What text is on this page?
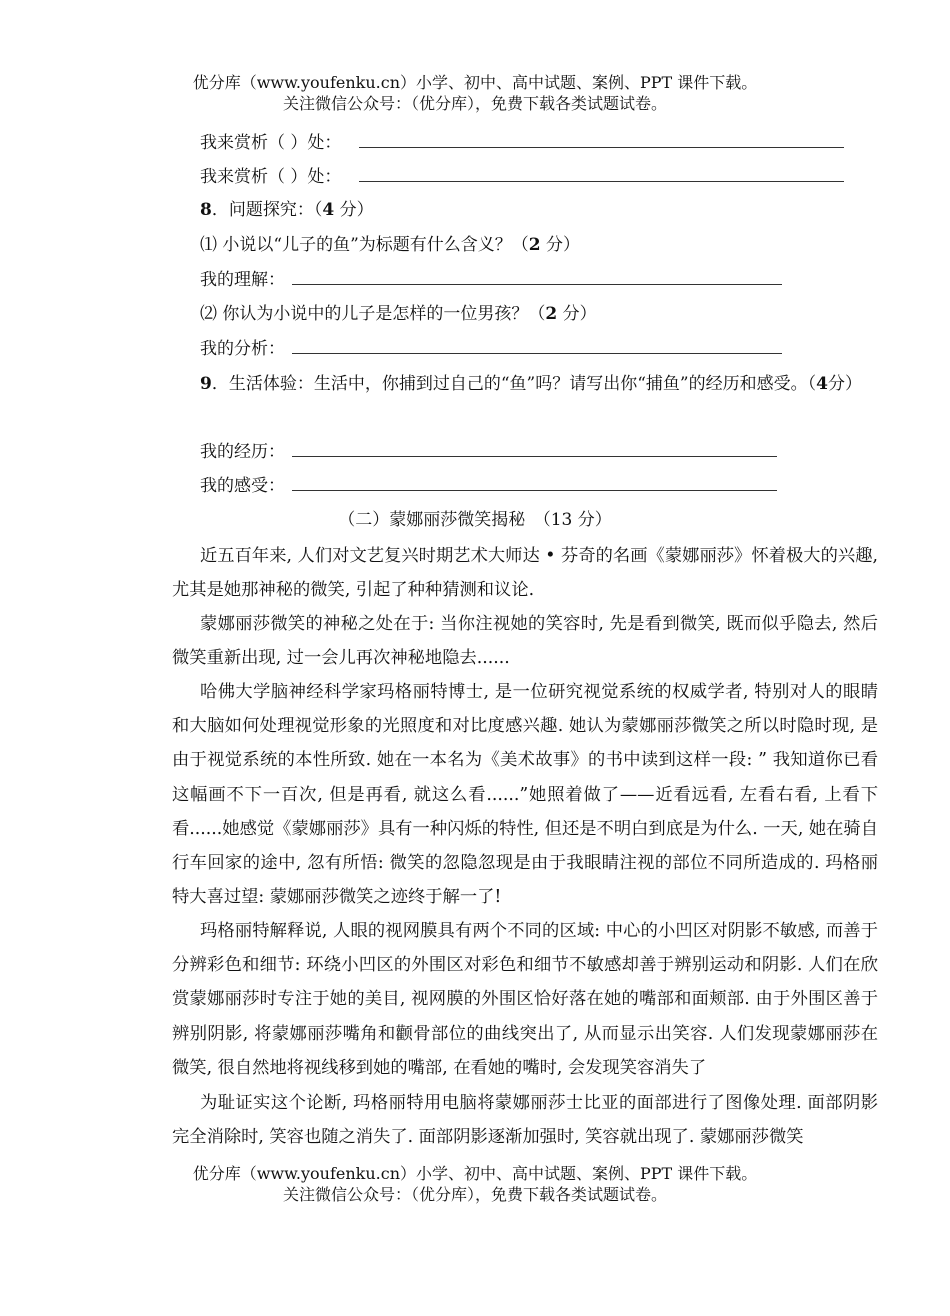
优分库（www.youfenku.cn）小学、初中、高中试题、案例、PPT 课件下载。
关注微信公众号：（优分库），免费下载各类试题试卷。
我来赏析（ ）处：
我来赏析（ ）处：
8．问题探究：（4 分）
⑴ 小说以“儿子的鱼”为标题有什么含义？（2 分）
我的理解：
⑵ 你认为小说中的儿子是怎样的一位男孩？（2 分）
我的分析：
9．生活体验：生活中，你捕到过自己的“鱼”吗？请写出你“捕鱼”的经历和感受。（4分）
我的经历：
我的感受：
（二）蒙娜丽莎微笑揭秘　（13 分）
近五百年来, 人们对文艺复兴时期艺术大师达 • 芬奇的名画《蒙娜丽莎》怀着极大的兴趣, 尤其是她那神秘的微笑, 引起了种种猜测和议论.
蒙娜丽莎微笑的神秘之处在于: 当你注视她的笑容时, 先是看到微笑, 既而似乎隐去, 然后微笑重新出现, 过一会儿再次神秘地隐去......
哈佛大学脑神经科学家玛格丽特博士, 是一位研究视觉系统的权威学者, 特别对人的眼睛和大脑如何处理视觉形象的光照度和对比度感兴趣. 她认为蒙娜丽莎微笑之所以时隐时现, 是由于视觉系统的本性所致. 她在一本名为《美术故事》的书中读到这样一段: ” 我知道你已看这幅画不下一百次, 但是再看, 就这么看......”她照着做了——近看远看, 左看右看, 上看下看......她感觉《蒙娜丽莎》具有一种闪烁的特性, 但还是不明白到底是为什么. 一天, 她在骑自行车回家的途中, 忽有所悟: 微笑的忽隐忽现是由于我眼睛注视的部位不同所造成的. 玛格丽特大喜过望: 蒙娜丽莎微笑之迹终于解一了!
玛格丽特解释说, 人眼的视网膜具有两个不同的区域: 中心的小凹区对阴影不敏感, 而善于分辨彩色和细节: 环绕小凹区的外围区对彩色和细节不敏感却善于辨别运动和阴影. 人们在欣赏蒙娜丽莎时专注于她的美目, 视网膜的外围区恰好落在她的嘴部和面颊部. 由于外围区善于辨别阴影, 将蒙娜丽莎嘴角和颧骨部位的曲线突出了, 从而显示出笑容. 人们发现蒙娜丽莎在微笑, 很自然地将视线移到她的嘴部, 在看她的嘴时, 会发现笑容消失了
为耻证实这个论断, 玛格丽特用电脑将蒙娜丽莎士比亚的面部进行了图像处理. 面部阴影完全消除时, 笑容也随之消失了. 面部阴影逐渐加强时, 笑容就出现了. 蒙娜丽莎微笑
优分库（www.youfenku.cn）小学、初中、高中试题、案例、PPT 课件下载。
关注微信公众号：（优分库），免费下载各类试题试卷。
